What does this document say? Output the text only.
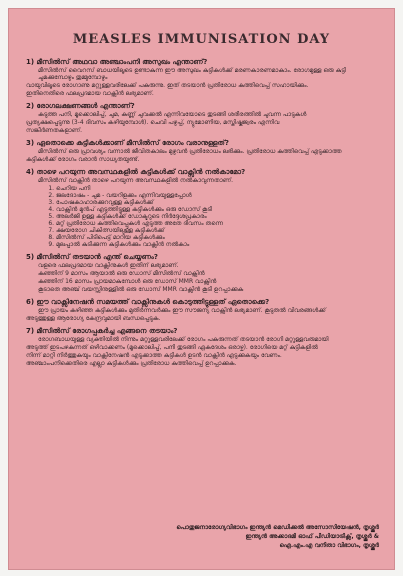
MEASLES IMMUNISATION DAY
1) മീസിൽസ് അഥവാ അഞ്ചാംപനി അസുഖം എന്താണ്?
മീസിൽസ് വൈറസ് ബാധയിലൂടെ ഉണ്ടാകുന്ന ഈ അസുഖം കുട്ടികൾക്ക് മരണകാരണമാകാം. രോഗമുള്ള ഒരു കുട്ടി ചുമക്കുമ്പോഴും തുമ്മുമ്പോഴും
വായുവിലൂടെ രോഗാണു മറ്റുള്ളവരിലേക്ക് പകരുന്നു. ഇത് തടയാൻ പ്രതിരോധ കുത്തിവെപ്പ് സഹായിക്കും.
ഇതിനെതിരെ ഫലപ്രദമായ വാക്സിൻ ലഭ്യമാണ്.
2) രോഗലക്ഷണങ്ങൾ എന്താണ്?
കടുത്ത പനി, മൂക്കൊലിപ്പ്, ചുമ, കണ്ണ് ചുവക്കൽ എന്നിവയോടെ തുടങ്ങി ശരീരത്തിൽ ചുവന്ന പാടുകൾ
പ്രത്യക്ഷപ്പെടുന്നു (3-4 ദിവസം കഴിയുമ്പോൾ). ചെവി പഴുപ്പ്, ന്യുമോണിയ, മസ്തിഷ്കജ്വരം എന്നിവ
സങ്കീർണതകളാണ്.
3) ഏതൊക്കെ കുട്ടികൾക്കാണ് മീസിൽസ് രോഗം വരാനുള്ളത്?
മീസിൽസ് ഒരു പ്രാവശ്യം വന്നാൽ ജീവിതകാലം മുഴുവൻ പ്രതിരോധം ലഭിക്കും. പ്രതിരോധ കുത്തിവെപ്പ് എടുക്കാത്ത
കുട്ടികൾക്ക് രോഗം വരാൻ സാധ്യതയുണ്ട്.
4) താഴെ പറയുന്ന അവസ്ഥകളിൽ കുട്ടികൾക്ക് വാക്സിൻ നൽകാമോ?
മീസിൽസ് വാക്സിൻ താഴെ പറയുന്ന അവസ്ഥകളിൽ നൽകാവുന്നതാണ്.
1. ചെറിയ പനി
2. ജലദോഷം - ചുമ - വയറിളക്കം എന്നിവയുള്ളപ്പോൾ
3. പോഷകാഹാരക്കുറവുള്ള കുട്ടികൾക്ക്
4. വാക്സിൻ മുൻപ് എടുത്തിട്ടുള്ള കുട്ടികൾക്കും ഒരു ഡോസ് കൂടി
5. അലർജി ഉള്ള കുട്ടികൾക്ക് ഡോക്ടറുടെ നിർദ്ദേശപ്രകാരം
6. മറ്റ് പ്രതിരോധ കുത്തിവെപ്പുകൾ എടുത്ത അതേ ദിവസം തന്നെ
7. ക്ഷയരോഗ ചികിത്സയിലുള്ള കുട്ടികൾക്ക്
8. മീസിൽസ് പിടിപെട്ട് മാറിയ കുട്ടികൾക്കും
9. മുലപ്പാൽ കുടിക്കുന്ന കുട്ടികൾക്കും വാക്സിൻ നൽകാം
5) മീസിൽസ് തടയാൻ എന്ത് ചെയ്യണം?
വളരെ ഫലപ്രദമായ വാക്സിനുകൾ ഇതിന് ലഭ്യമാണ്.
കുഞ്ഞിന് 9 മാസം ആയാൽ ഒരു ഡോസ് മീസിൽസ് വാക്സിൻ
കുഞ്ഞിന് 16 മാസം പ്രായമാകുമ്പോൾ ഒരു ഡോസ് MMR വാക്സിൻ
കൂടാതെ അഞ്ച് വയസ്സിനുള്ളിൽ ഒരു ഡോസ് MMR വാക്സിൻ കൂടി ഉറപ്പാക്കുക
6) ഈ വാക്സിനേഷൻ സമയത്ത് വാക്സിനുകൾ കൊടുത്തിട്ടുള്ളത് ഏതൊക്കെ?
ഈ പ്രായം കഴിഞ്ഞ കുട്ടികൾക്കും മുതിർന്നവർക്കും ഈ സൗജന്യ വാക്സിൻ ലഭ്യമാണ്. കൂടുതൽ വിവരങ്ങൾക്ക്
അടുത്തുള്ള ആരോഗ്യ കേന്ദ്രവുമായി ബന്ധപ്പെടുക.
7) മീസിൽസ് രോഗപ്പകർച്ച എങ്ങനെ തടയാം?
രോഗബാധയുള്ള വ്യക്തിയിൽ നിന്നും മറ്റുള്ളവരിലേക്ക് രോഗം പകരുന്നത് തടയാൻ രോഗി മറ്റുള്ളവരുമായി
അടുത്ത് ഇടപഴകുന്നത് ഒഴിവാക്കണം (മൂക്കൊലിപ്പ്, പനി തുടങ്ങി ഏകദേശം ഒരാഴ്ച). രോഗിയെ മറ്റ് കുട്ടികളിൽ
നിന്ന് മാറ്റി നിർത്തുകയും വാക്സിനേഷൻ എടുക്കാത്ത കുട്ടികൾ ഉടൻ വാക്സിൻ എടുക്കുകയും വേണം.
അഞ്ചാംപനിക്കെതിരെ എല്ലാ കുട്ടികൾക്കും പ്രതിരോധ കുത്തിവെപ്പ് ഉറപ്പാക്കുക.
പൊതുജനാരോഗ്യവിഭാഗം ഇന്ത്യൻ മെഡിക്കൽ അസോസിയേഷൻ, തൃശ്ശൂർ
ഇന്ത്യൻ അക്കാദമി ഓഫ് പീഡിയാട്രിക്സ്, തൃശ്ശൂർ &
ഐ.എം.എ വനിതാ വിഭാഗം, തൃശ്ശൂർ
